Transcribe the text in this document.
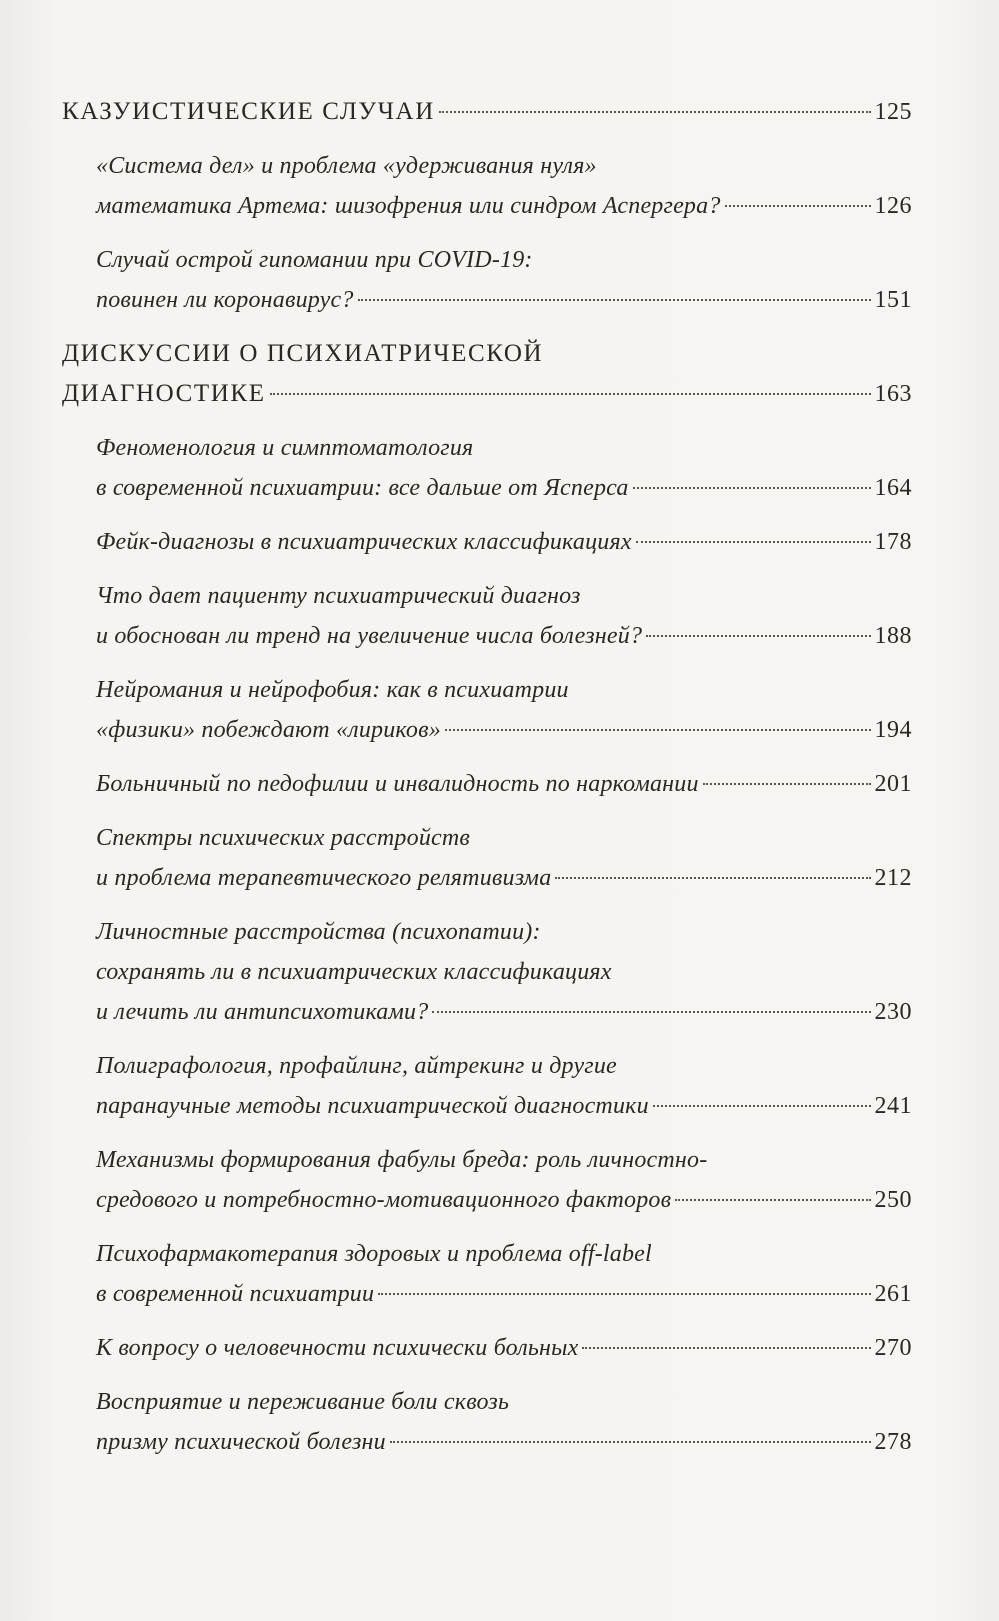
КАЗУИСТИЧЕСКИЕ СЛУЧАИ	125
«Система дел» и проблема «удерживания нуля»
математика Артема: шизофрения или синдром Аспергера?	126
Случай острой гипомании при COVID-19:
повинен ли коронавирус?	151
ДИСКУССИИ О ПСИХИАТРИЧЕСКОЙ
ДИАГНОСТИКЕ	163
Феноменология и симптоматология
в современной психиатрии: все дальше от Ясперса	164
Фейк-диагнозы в психиатрических классификациях	178
Что дает пациенту психиатрический диагноз
и обоснован ли тренд на увеличение числа болезней?	188
Нейромания и нейрофобия: как в психиатрии
«физики» побеждают «лириков»	194
Больничный по педофилии и инвалидность по наркомании	201
Спектры психических расстройств
и проблема терапевтического релятивизма	212
Личностные расстройства (психопатии):
сохранять ли в психиатрических классификациях
и лечить ли антипсихотиками?	230
Полиграфология, профайлинг, айтрекинг и другие
паранаучные методы психиатрической диагностики	241
Механизмы формирования фабулы бреда: роль личностно-
средового и потребностно-мотивационного факторов	250
Психофармакотерапия здоровых и проблема off-label
в современной психиатрии	261
К вопросу о человечности психически больных	270
Восприятие и переживание боли сквозь
призму психической болезни	278
